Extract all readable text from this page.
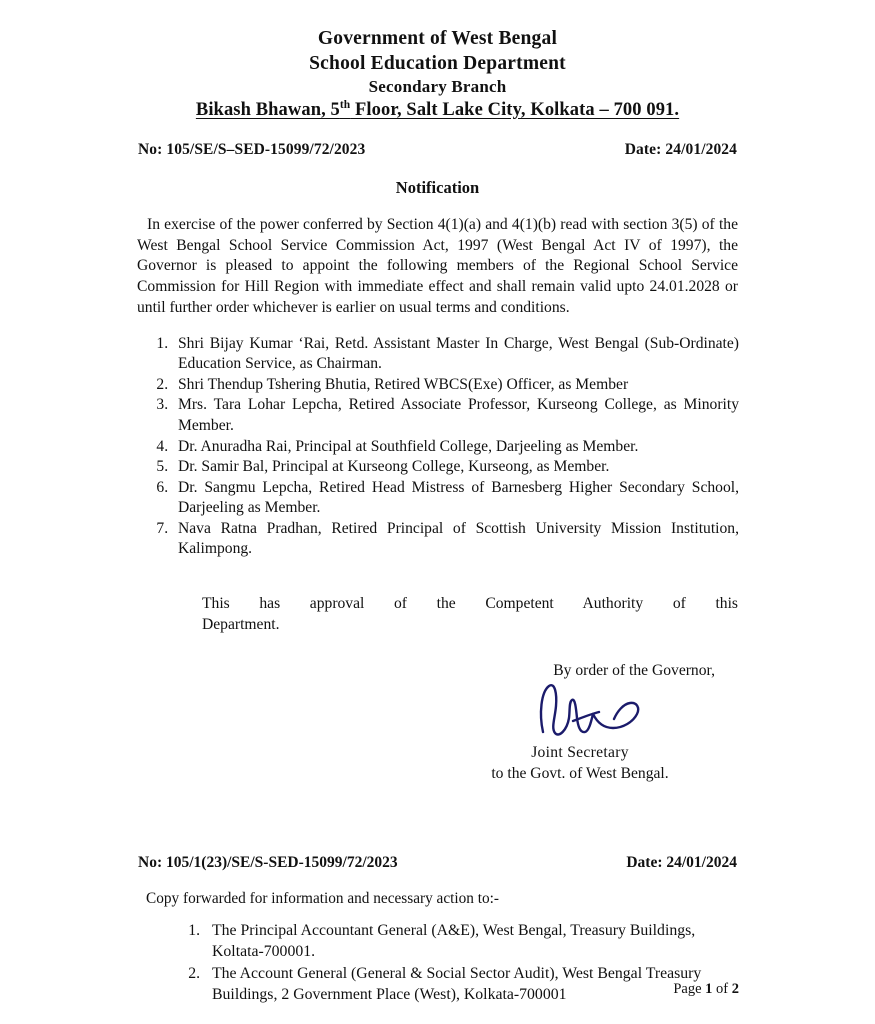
Government of West Bengal
School Education Department
Secondary Branch
Bikash Bhawan, 5th Floor, Salt Lake City, Kolkata – 700 091.
No: 105/SE/S–SED-15099/72/2023	Date: 24/01/2024
Notification
In exercise of the power conferred by Section 4(1)(a) and 4(1)(b) read with section 3(5) of the West Bengal School Service Commission Act, 1997 (West Bengal Act IV of 1997), the Governor is pleased to appoint the following members of the Regional School Service Commission for Hill Region with immediate effect and shall remain valid upto 24.01.2028 or until further order whichever is earlier on usual terms and conditions.
1. Shri Bijay Kumar ʻRai, Retd. Assistant Master In Charge, West Bengal (Sub-Ordinate) Education Service, as Chairman.
2. Shri Thendup Tshering Bhutia, Retired WBCS(Exe) Officer, as Member
3. Mrs. Tara Lohar Lepcha, Retired Associate Professor, Kurseong College, as Minority Member.
4. Dr. Anuradha Rai, Principal at Southfield College, Darjeeling as Member.
5. Dr. Samir Bal, Principal at Kurseong College, Kurseong, as Member.
6. Dr. Sangmu Lepcha, Retired Head Mistress of Barnesberg Higher Secondary School, Darjeeling as Member.
7. Nava Ratna Pradhan, Retired Principal of Scottish University Mission Institution, Kalimpong.
This has approval of the Competent Authority of this
Department.
By order of the Governor,
Joint Secretary
to the Govt. of West Bengal.
No: 105/1(23)/SE/S-SED-15099/72/2023	Date: 24/01/2024
Copy forwarded for information and necessary action to:-
1. The Principal Accountant General (A&E), West Bengal, Treasury Buildings, Koltata-700001.
2. The Account General (General & Social Sector Audit), West Bengal Treasury Buildings, 2 Government Place (West), Kolkata-700001	Page 1 of 2
